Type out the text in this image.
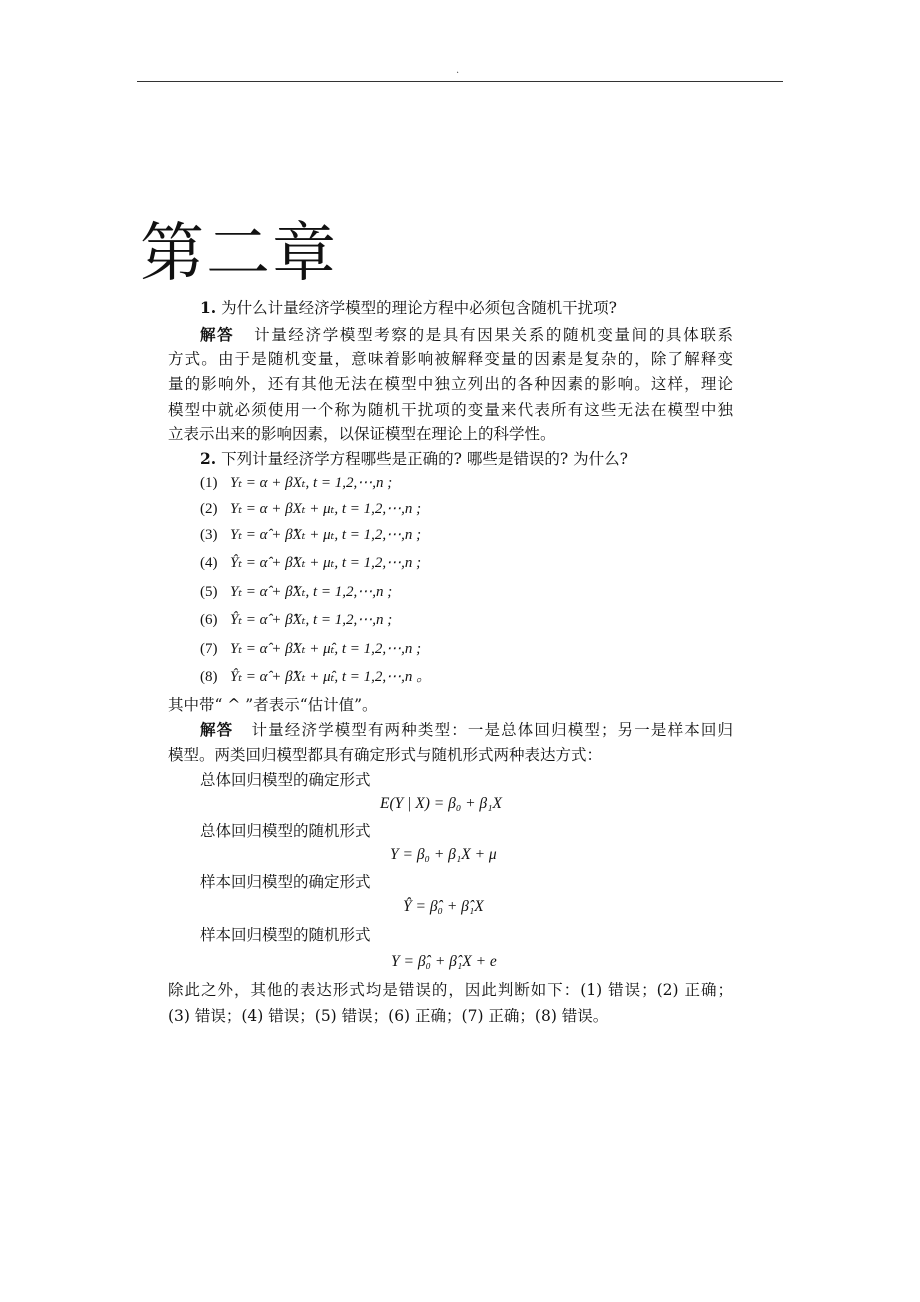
.
第二章
1. 为什么计量经济学模型的理论方程中必须包含随机干扰项?
解答 计量经济学模型考察的是具有因果关系的随机变量间的具体联系
方式。由于是随机变量，意味着影响被解释变量的因素是复杂的，除了解释变
量的影响外，还有其他无法在模型中独立列出的各种因素的影响。这样，理论
模型中就必须使用一个称为随机干扰项的变量来代表所有这些无法在模型中独
立表示出来的影响因素，以保证模型在理论上的科学性。
2. 下列计量经济学方程哪些是正确的? 哪些是错误的? 为什么?
(1) Yₜ = α + βXₜ, t = 1,2,⋯,n ;
(2) Yₜ = α + βXₜ + μₜ, t = 1,2,⋯,n ;
(3) Yₜ = α̂ + β̂Xₜ + μₜ, t = 1,2,⋯,n ;
(4) Ŷₜ = α̂ + β̂Xₜ + μₜ, t = 1,2,⋯,n ;
(5) Yₜ = α̂ + β̂Xₜ, t = 1,2,⋯,n ;
(6) Ŷₜ = α̂ + β̂Xₜ, t = 1,2,⋯,n ;
(7) Yₜ = α̂ + β̂Xₜ + μ̂ₜ, t = 1,2,⋯,n ;
(8) Ŷₜ = α̂ + β̂Xₜ + μ̂ₜ, t = 1,2,⋯,n 。
其中带“ ^ ”者表示“估计值”。
解答 计量经济学模型有两种类型：一是总体回归模型；另一是样本回归
模型。两类回归模型都具有确定形式与随机形式两种表达方式：
总体回归模型的确定形式
E(Y | X) = β₀ + β₁X
总体回归模型的随机形式
Y = β₀ + β₁X + μ
样本回归模型的确定形式
Ŷ = β̂₀ + β̂₁X
样本回归模型的随机形式
Y = β̂₀ + β̂₁X + e
除此之外，其他的表达形式均是错误的，因此判断如下：(1) 错误；(2) 正确；
(3) 错误；(4) 错误；(5) 错误；(6) 正确；(7) 正确；(8) 错误。
